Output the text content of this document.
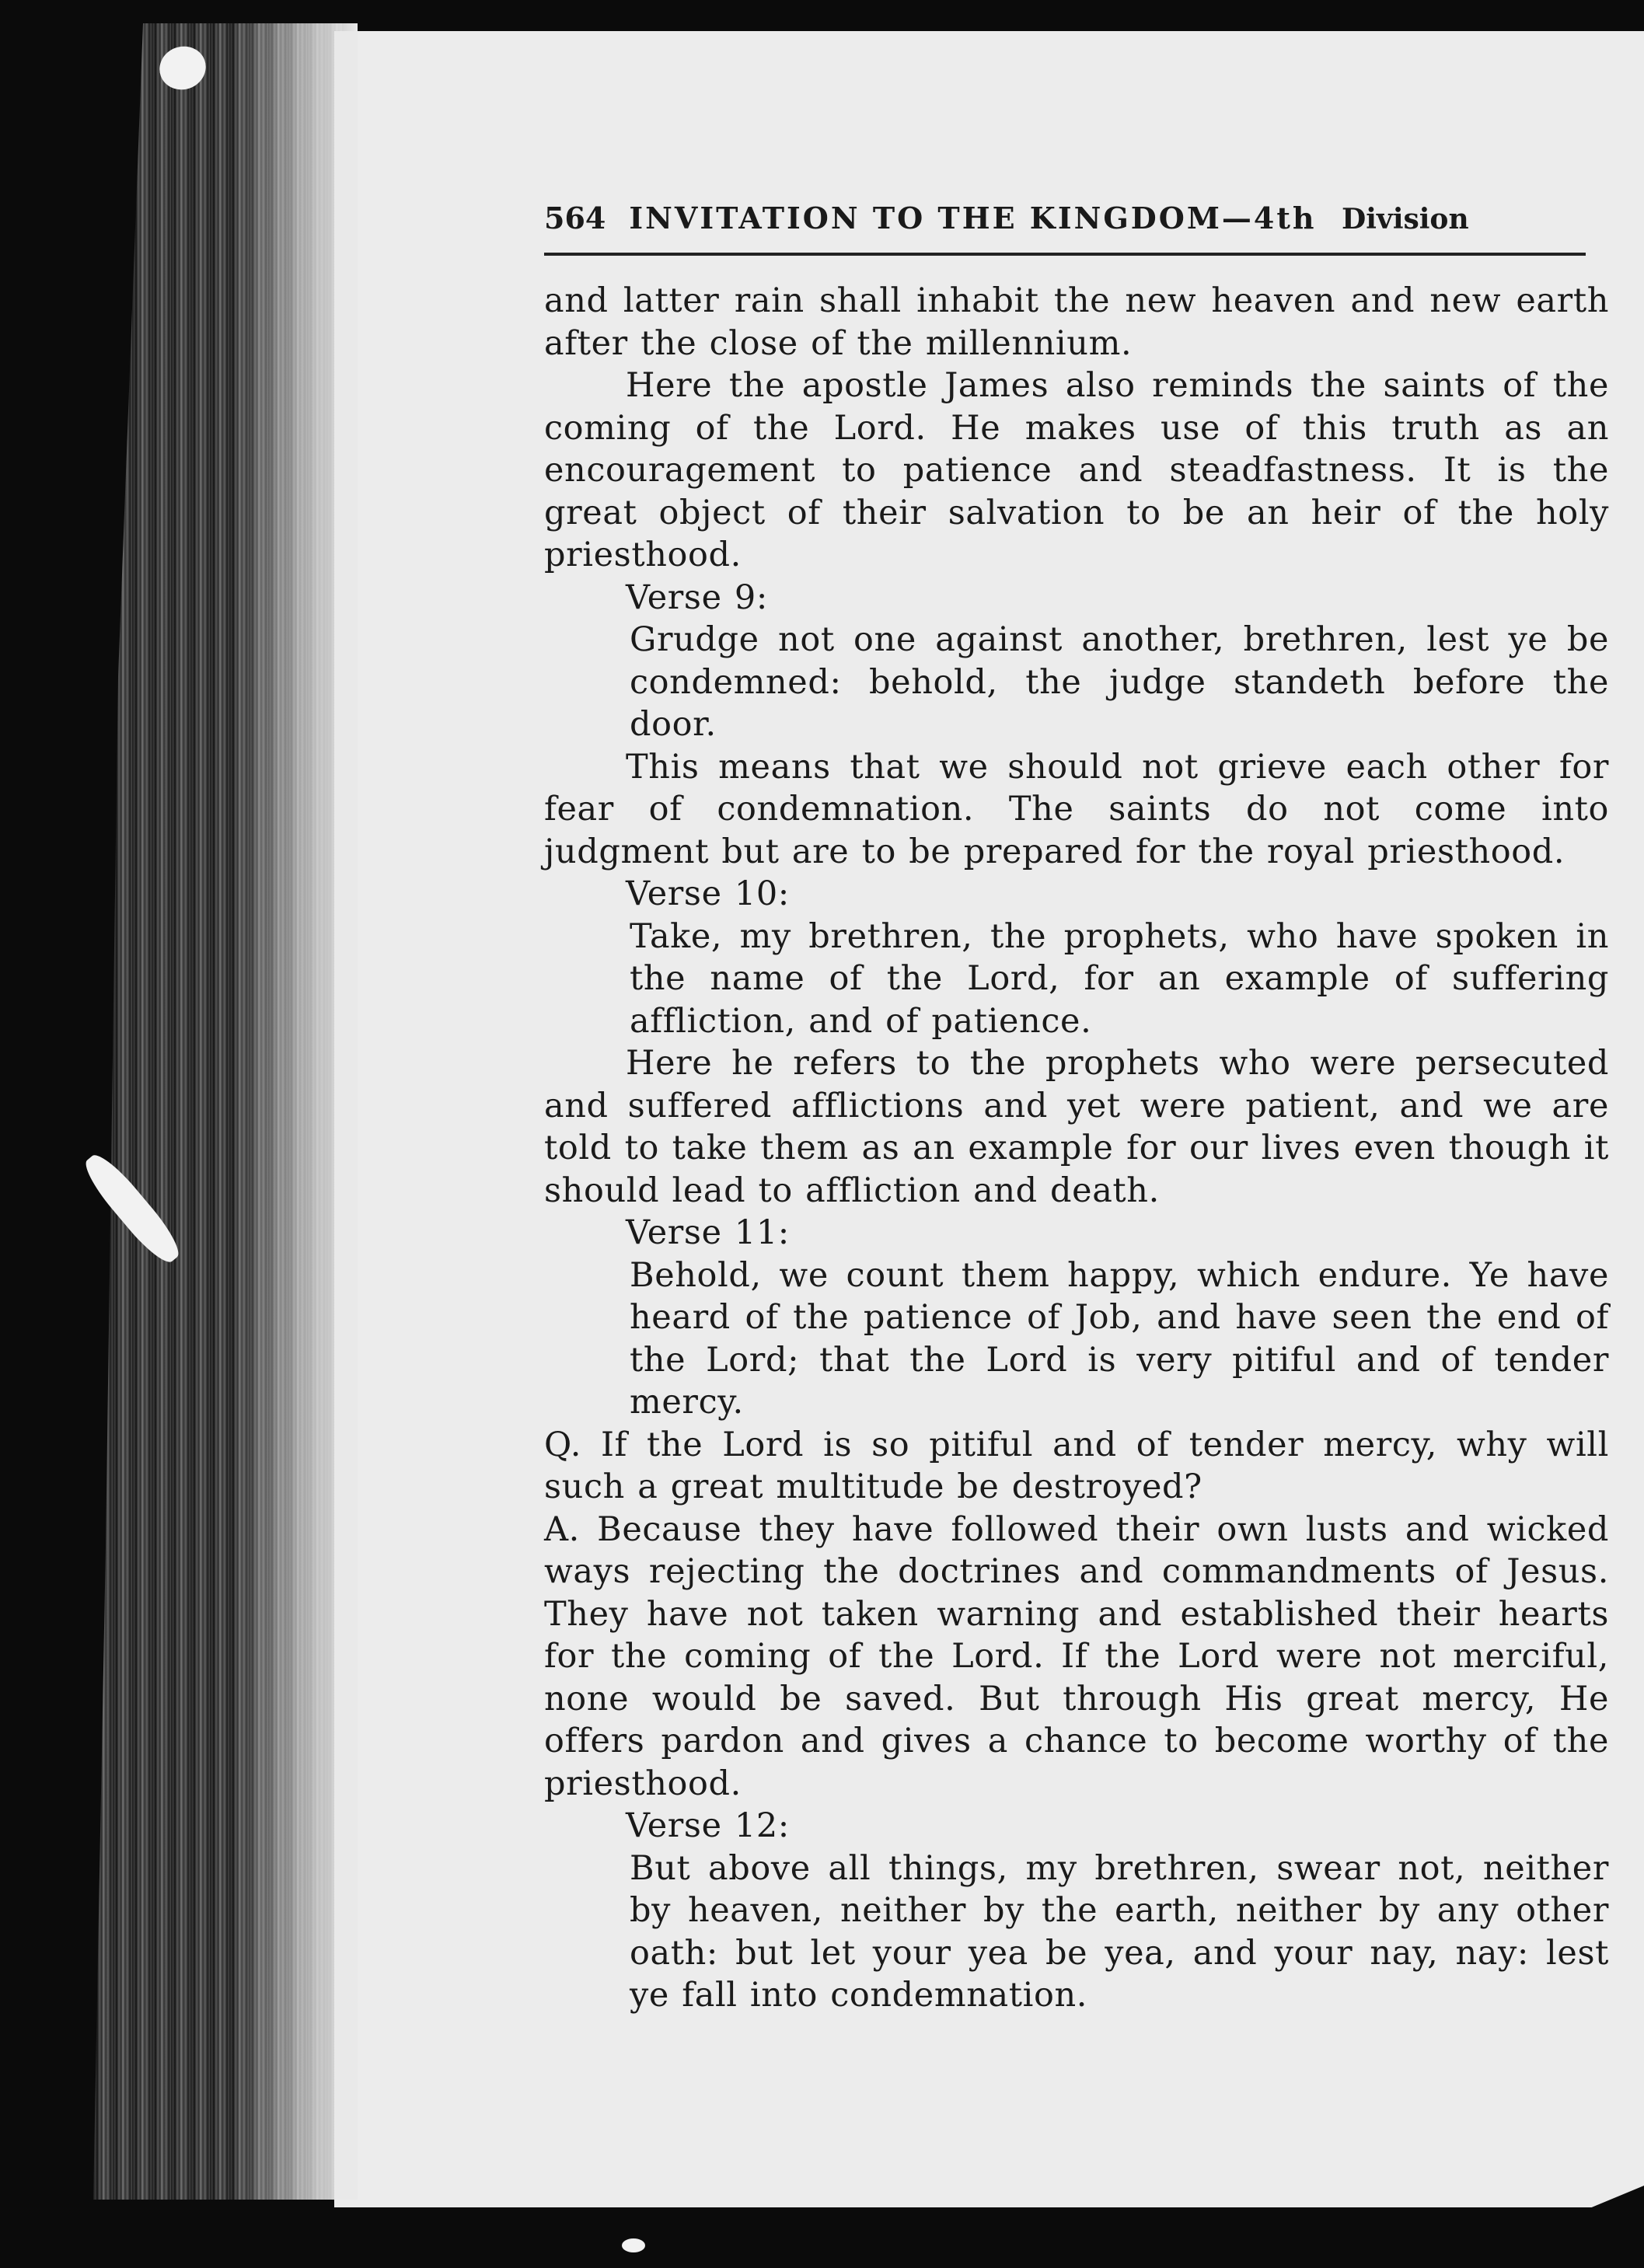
564 INVITATION TO THE KINGDOM—4th Division

and latter rain shall inhabit the new heaven and new earth after the close of the millennium.

Here the apostle James also reminds the saints of the coming of the Lord. He makes use of this truth as an encouragement to patience and steadfastness. It is the great object of their salvation to be an heir of the holy priesthood.

Verse 9:

Grudge not one against another, brethren, lest ye be condemned: behold, the judge standeth before the door.

This means that we should not grieve each other for fear of condemnation. The saints do not come into judgment but are to be prepared for the royal priesthood.

Verse 10:

Take, my brethren, the prophets, who have spoken in the name of the Lord, for an example of suffering affliction, and of patience.

Here he refers to the prophets who were persecuted and suffered afflictions and yet were patient, and we are told to take them as an example for our lives even though it should lead to affliction and death.

Verse 11:

Behold, we count them happy, which endure. Ye have heard of the patience of Job, and have seen the end of the Lord; that the Lord is very pitiful and of tender mercy.

Q. If the Lord is so pitiful and of tender mercy, why will such a great multitude be destroyed?

A. Because they have followed their own lusts and wicked ways rejecting the doctrines and commandments of Jesus. They have not taken warning and established their hearts for the coming of the Lord. If the Lord were not merciful, none would be saved. But through His great mercy, He offers pardon and gives a chance to become worthy of the priesthood.

Verse 12:

But above all things, my brethren, swear not, neither by heaven, neither by the earth, neither by any other oath: but let your yea be yea, and your nay, nay: lest ye fall into condemnation.
